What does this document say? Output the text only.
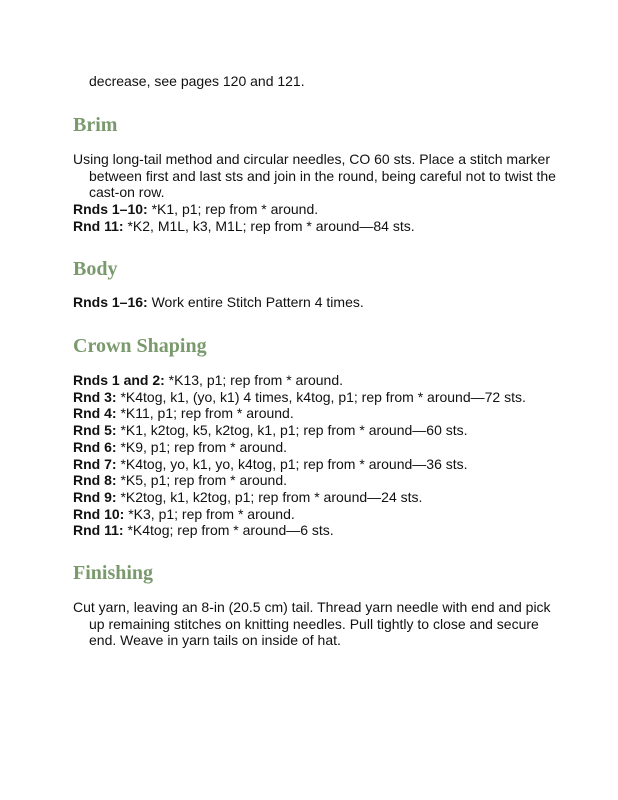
decrease, see pages 120 and 121.
Brim
Using long-tail method and circular needles, CO 60 sts. Place a stitch marker between first and last sts and join in the round, being careful not to twist the cast-on row.
Rnds 1–10: *K1, p1; rep from * around.
Rnd 11: *K2, M1L, k3, M1L; rep from * around—84 sts.
Body
Rnds 1–16: Work entire Stitch Pattern 4 times.
Crown Shaping
Rnds 1 and 2: *K13, p1; rep from * around.
Rnd 3: *K4tog, k1, (yo, k1) 4 times, k4tog, p1; rep from * around—72 sts.
Rnd 4: *K11, p1; rep from * around.
Rnd 5: *K1, k2tog, k5, k2tog, k1, p1; rep from * around—60 sts.
Rnd 6: *K9, p1; rep from * around.
Rnd 7: *K4tog, yo, k1, yo, k4tog, p1; rep from * around—36 sts.
Rnd 8: *K5, p1; rep from * around.
Rnd 9: *K2tog, k1, k2tog, p1; rep from * around—24 sts.
Rnd 10: *K3, p1; rep from * around.
Rnd 11: *K4tog; rep from * around—6 sts.
Finishing
Cut yarn, leaving an 8-in (20.5 cm) tail. Thread yarn needle with end and pick up remaining stitches on knitting needles. Pull tightly to close and secure end. Weave in yarn tails on inside of hat.
